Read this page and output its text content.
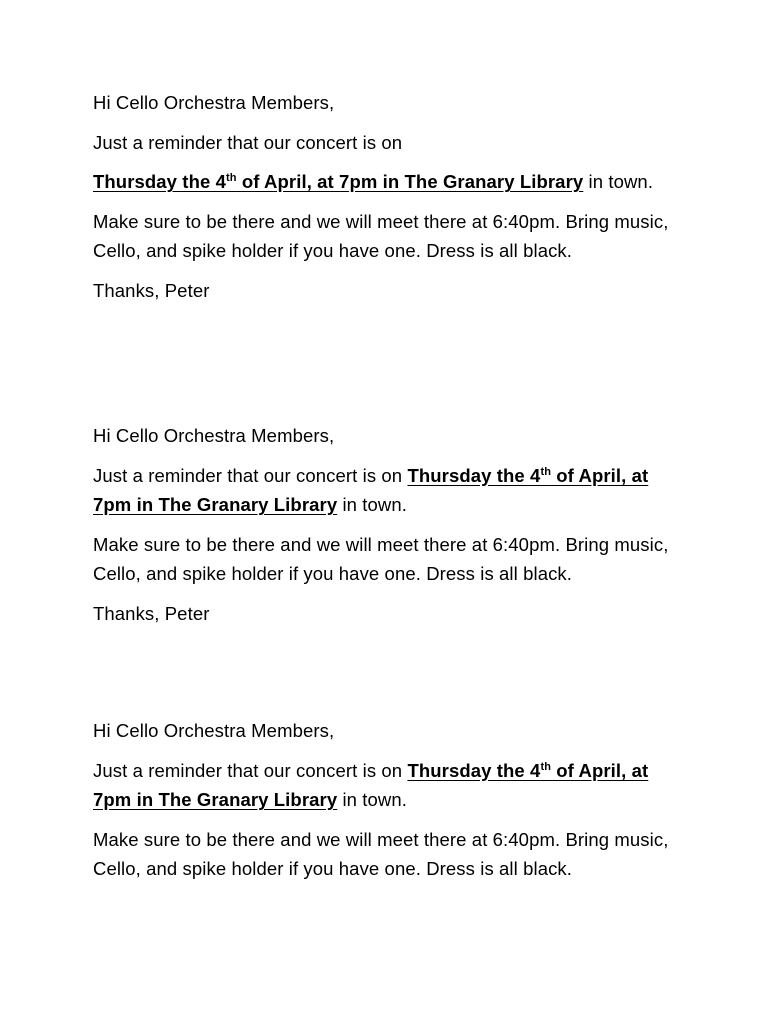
Hi Cello Orchestra Members,

Just a reminder that our concert is on

Thursday the 4th of April, at 7pm in The Granary Library in town.

Make sure to be there and we will meet there at 6:40pm. Bring music, Cello, and spike holder if you have one. Dress is all black.

Thanks, Peter

Hi Cello Orchestra Members,

Just a reminder that our concert is on Thursday the 4th of April, at 7pm in The Granary Library in town.

Make sure to be there and we will meet there at 6:40pm. Bring music, Cello, and spike holder if you have one. Dress is all black.

Thanks, Peter

Hi Cello Orchestra Members,

Just a reminder that our concert is on Thursday the 4th of April, at 7pm in The Granary Library in town.

Make sure to be there and we will meet there at 6:40pm. Bring music, Cello, and spike holder if you have one. Dress is all black.
